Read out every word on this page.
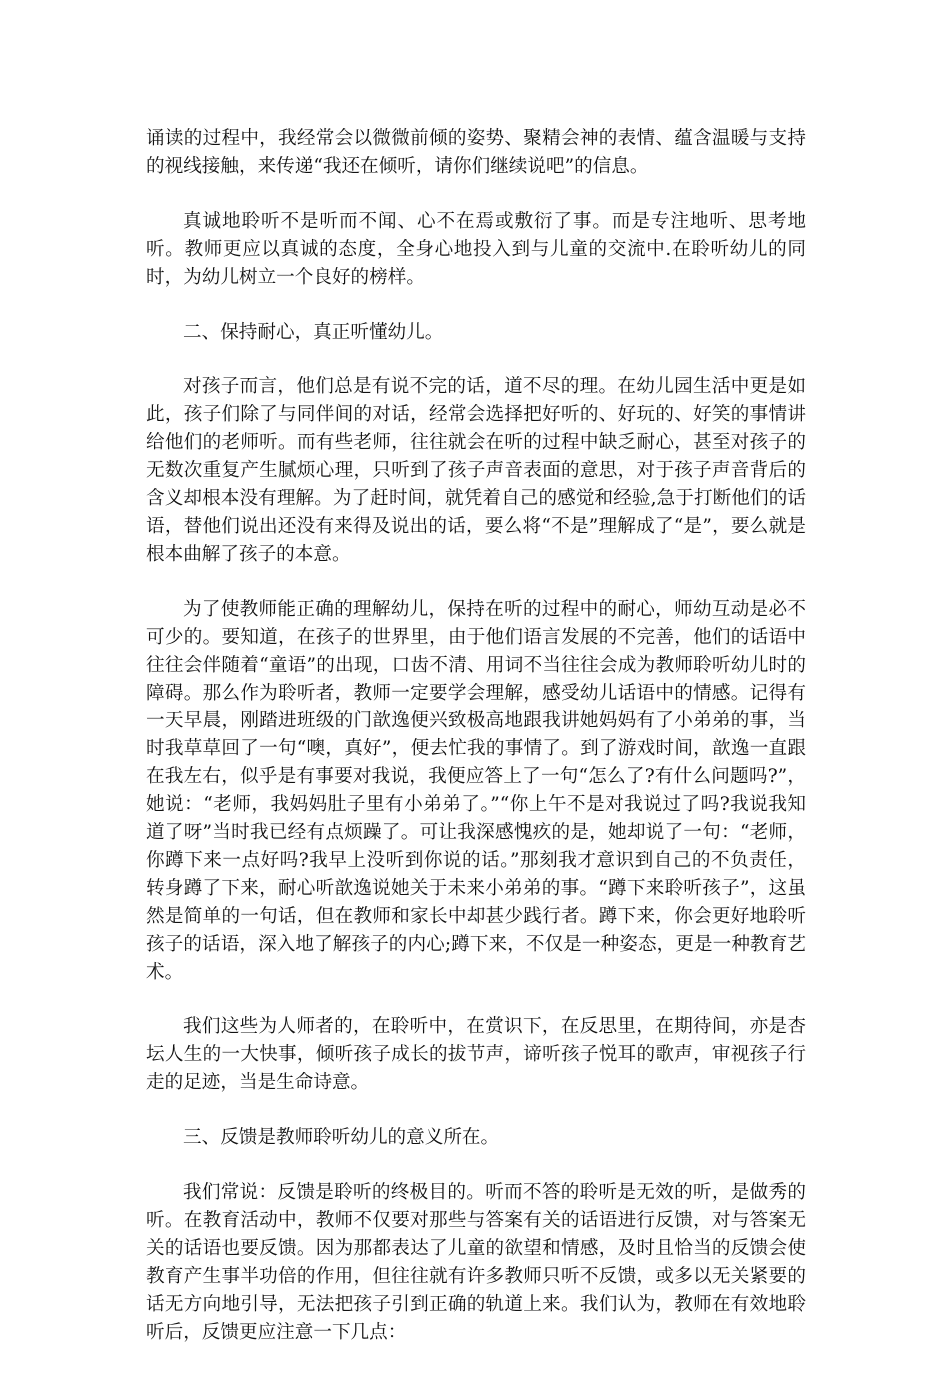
诵读的过程中，我经常会以微微前倾的姿势、聚精会神的表情、蕴含温暖与支持的视线接触，来传递“我还在倾听，请你们继续说吧”的信息。

真诚地聆听不是听而不闻、心不在焉或敷衍了事。而是专注地听、思考地听。教师更应以真诚的态度，全身心地投入到与儿童的交流中.在聆听幼儿的同时，为幼儿树立一个良好的榜样。

二、保持耐心，真正听懂幼儿。

对孩子而言，他们总是有说不完的话，道不尽的理。在幼儿园生活中更是如此，孩子们除了与同伴间的对话，经常会选择把好听的、好玩的、好笑的事情讲给他们的老师听。而有些老师，往往就会在听的过程中缺乏耐心，甚至对孩子的无数次重复产生腻烦心理，只听到了孩子声音表面的意思，对于孩子声音背后的含义却根本没有理解。为了赶时间，就凭着自己的感觉和经验,急于打断他们的话语，替他们说出还没有来得及说出的话，要么将“不是”理解成了“是”，要么就是根本曲解了孩子的本意。

为了使教师能正确的理解幼儿，保持在听的过程中的耐心，师幼互动是必不可少的。要知道，在孩子的世界里，由于他们语言发展的不完善，他们的话语中往往会伴随着“童语”的出现，口齿不清、用词不当往往会成为教师聆听幼儿时的障碍。那么作为聆听者，教师一定要学会理解，感受幼儿话语中的情感。记得有一天早晨，刚踏进班级的门歆逸便兴致极高地跟我讲她妈妈有了小弟弟的事，当时我草草回了一句“噢，真好”，便去忙我的事情了。到了游戏时间，歆逸一直跟在我左右，似乎是有事要对我说，我便应答上了一句“怎么了?有什么问题吗?”，她说：“老师，我妈妈肚子里有小弟弟了。”“你上午不是对我说过了吗?我说我知道了呀”当时我已经有点烦躁了。可让我深感愧疚的是，她却说了一句：“老师，你蹲下来一点好吗?我早上没听到你说的话。”那刻我才意识到自己的不负责任，转身蹲了下来，耐心听歆逸说她关于未来小弟弟的事。“蹲下来聆听孩子”，这虽然是简单的一句话，但在教师和家长中却甚少践行者。蹲下来，你会更好地聆听孩子的话语，深入地了解孩子的内心;蹲下来，不仅是一种姿态，更是一种教育艺术。

我们这些为人师者的，在聆听中，在赏识下，在反思里，在期待间，亦是杏坛人生的一大快事，倾听孩子成长的拔节声，谛听孩子悦耳的歌声，审视孩子行走的足迹，当是生命诗意。

三、反馈是教师聆听幼儿的意义所在。

我们常说：反馈是聆听的终极目的。听而不答的聆听是无效的听，是做秀的听。在教育活动中，教师不仅要对那些与答案有关的话语进行反馈，对与答案无关的话语也要反馈。因为那都表达了儿童的欲望和情感，及时且恰当的反馈会使教育产生事半功倍的作用，但往往就有许多教师只听不反馈，或多以无关紧要的话无方向地引导，无法把孩子引到正确的轨道上来。我们认为，教师在有效地聆听后，反馈更应注意一下几点：
